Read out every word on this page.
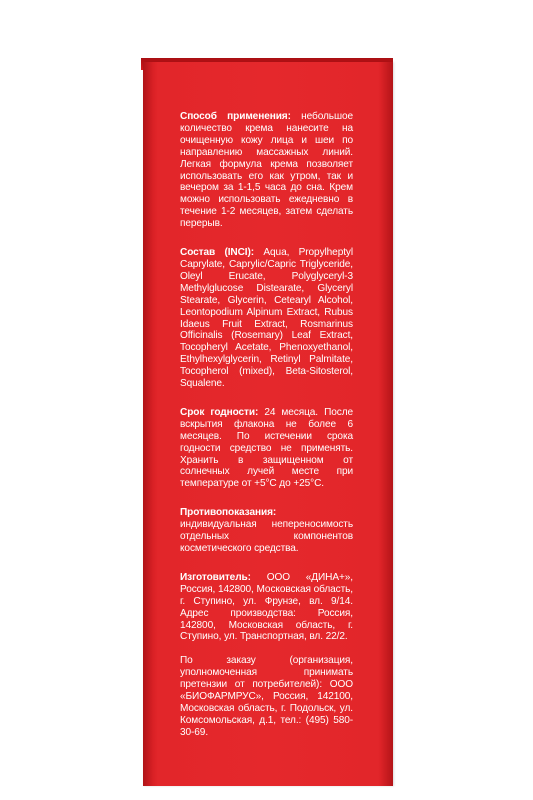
Способ применения: небольшое количество крема нанесите на очищенную кожу лица и шеи по направлению массажных линий. Легкая формула крема позволяет использовать его как утром, так и вечером за 1-1,5 часа до сна. Крем можно использовать ежедневно в течение 1-2 месяцев, затем сделать перерыв.

Состав (INCI): Aqua, Propylheptyl Caprylate, Caprylic/Capric Triglyceride, Oleyl Erucate, Polyglyceryl-3 Methylglucose Distearate, Glyceryl Stearate, Glycerin, Cetearyl Alcohol, Leontopodium Alpinum Extract, Rubus Idaeus Fruit Extract, Rosmarinus Officinalis (Rosemary) Leaf Extract, Tocopheryl Acetate, Phenoxyethanol, Ethylhexylglycerin, Retinyl Palmitate, Tocopherol (mixed), Beta-Sitosterol, Squalene.

Срок годности: 24 месяца. После вскрытия флакона не более 6 месяцев. По истечении срока годности средство не применять. Хранить в защищенном от солнечных лучей месте при температуре от +5°С до +25°С.

Противопоказания: индивидуальная непереносимость отдельных компонентов косметического средства.

Изготовитель: ООО «ДИНА+», Россия, 142800, Московская область, г. Ступино, ул. Фрунзе, вл. 9/14. Адрес производства: Россия, 142800, Московская область, г. Ступино, ул. Транспортная, вл. 22/2.

По заказу (организация, уполномоченная принимать претензии от потребителей): ООО «БИОФАРМРУС», Россия, 142100, Московская область, г. Подольск, ул. Комсомольская, д.1, тел.: (495) 580-30-69.
